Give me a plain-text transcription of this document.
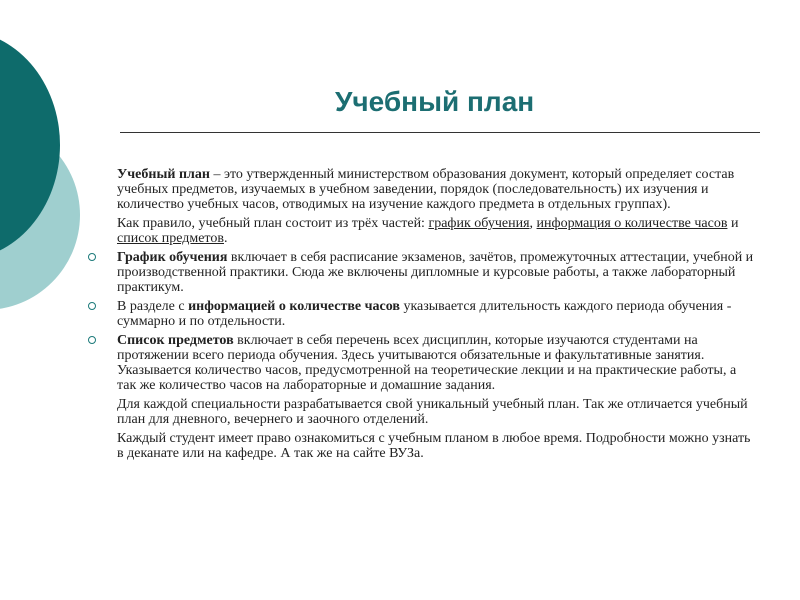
Учебный план

Учебный план – это утвержденный министерством образования документ, который определяет состав учебных предметов, изучаемых в учебном заведении, порядок (последовательность) их изучения и количество учебных часов, отводимых на изучение каждого предмета в отдельных группах).

Как правило, учебный план состоит из трёх частей: график обучения, информация о количестве часов и список предметов.

График обучения включает в себя расписание экзаменов, зачётов, промежуточных аттестации, учебной и производственной практики. Сюда же включены дипломные и курсовые работы, а также лабораторный практикум.

В разделе с информацией о количестве часов указывается длительность каждого периода обучения - суммарно и по отдельности.

Список предметов включает в себя перечень всех дисциплин, которые изучаются студентами на протяжении всего периода обучения. Здесь учитываются обязательные и факультативные занятия. Указывается количество часов, предусмотренной на теоретические лекции и на практические работы, а так же количество часов на лабораторные и домашние задания.

Для каждой специальности разрабатывается свой уникальный учебный план. Так же отличается учебный план для дневного, вечернего и заочного отделений.

Каждый студент имеет право ознакомиться с учебным планом в любое время. Подробности можно узнать в деканате или на кафедре. А так же на сайте ВУЗа.
